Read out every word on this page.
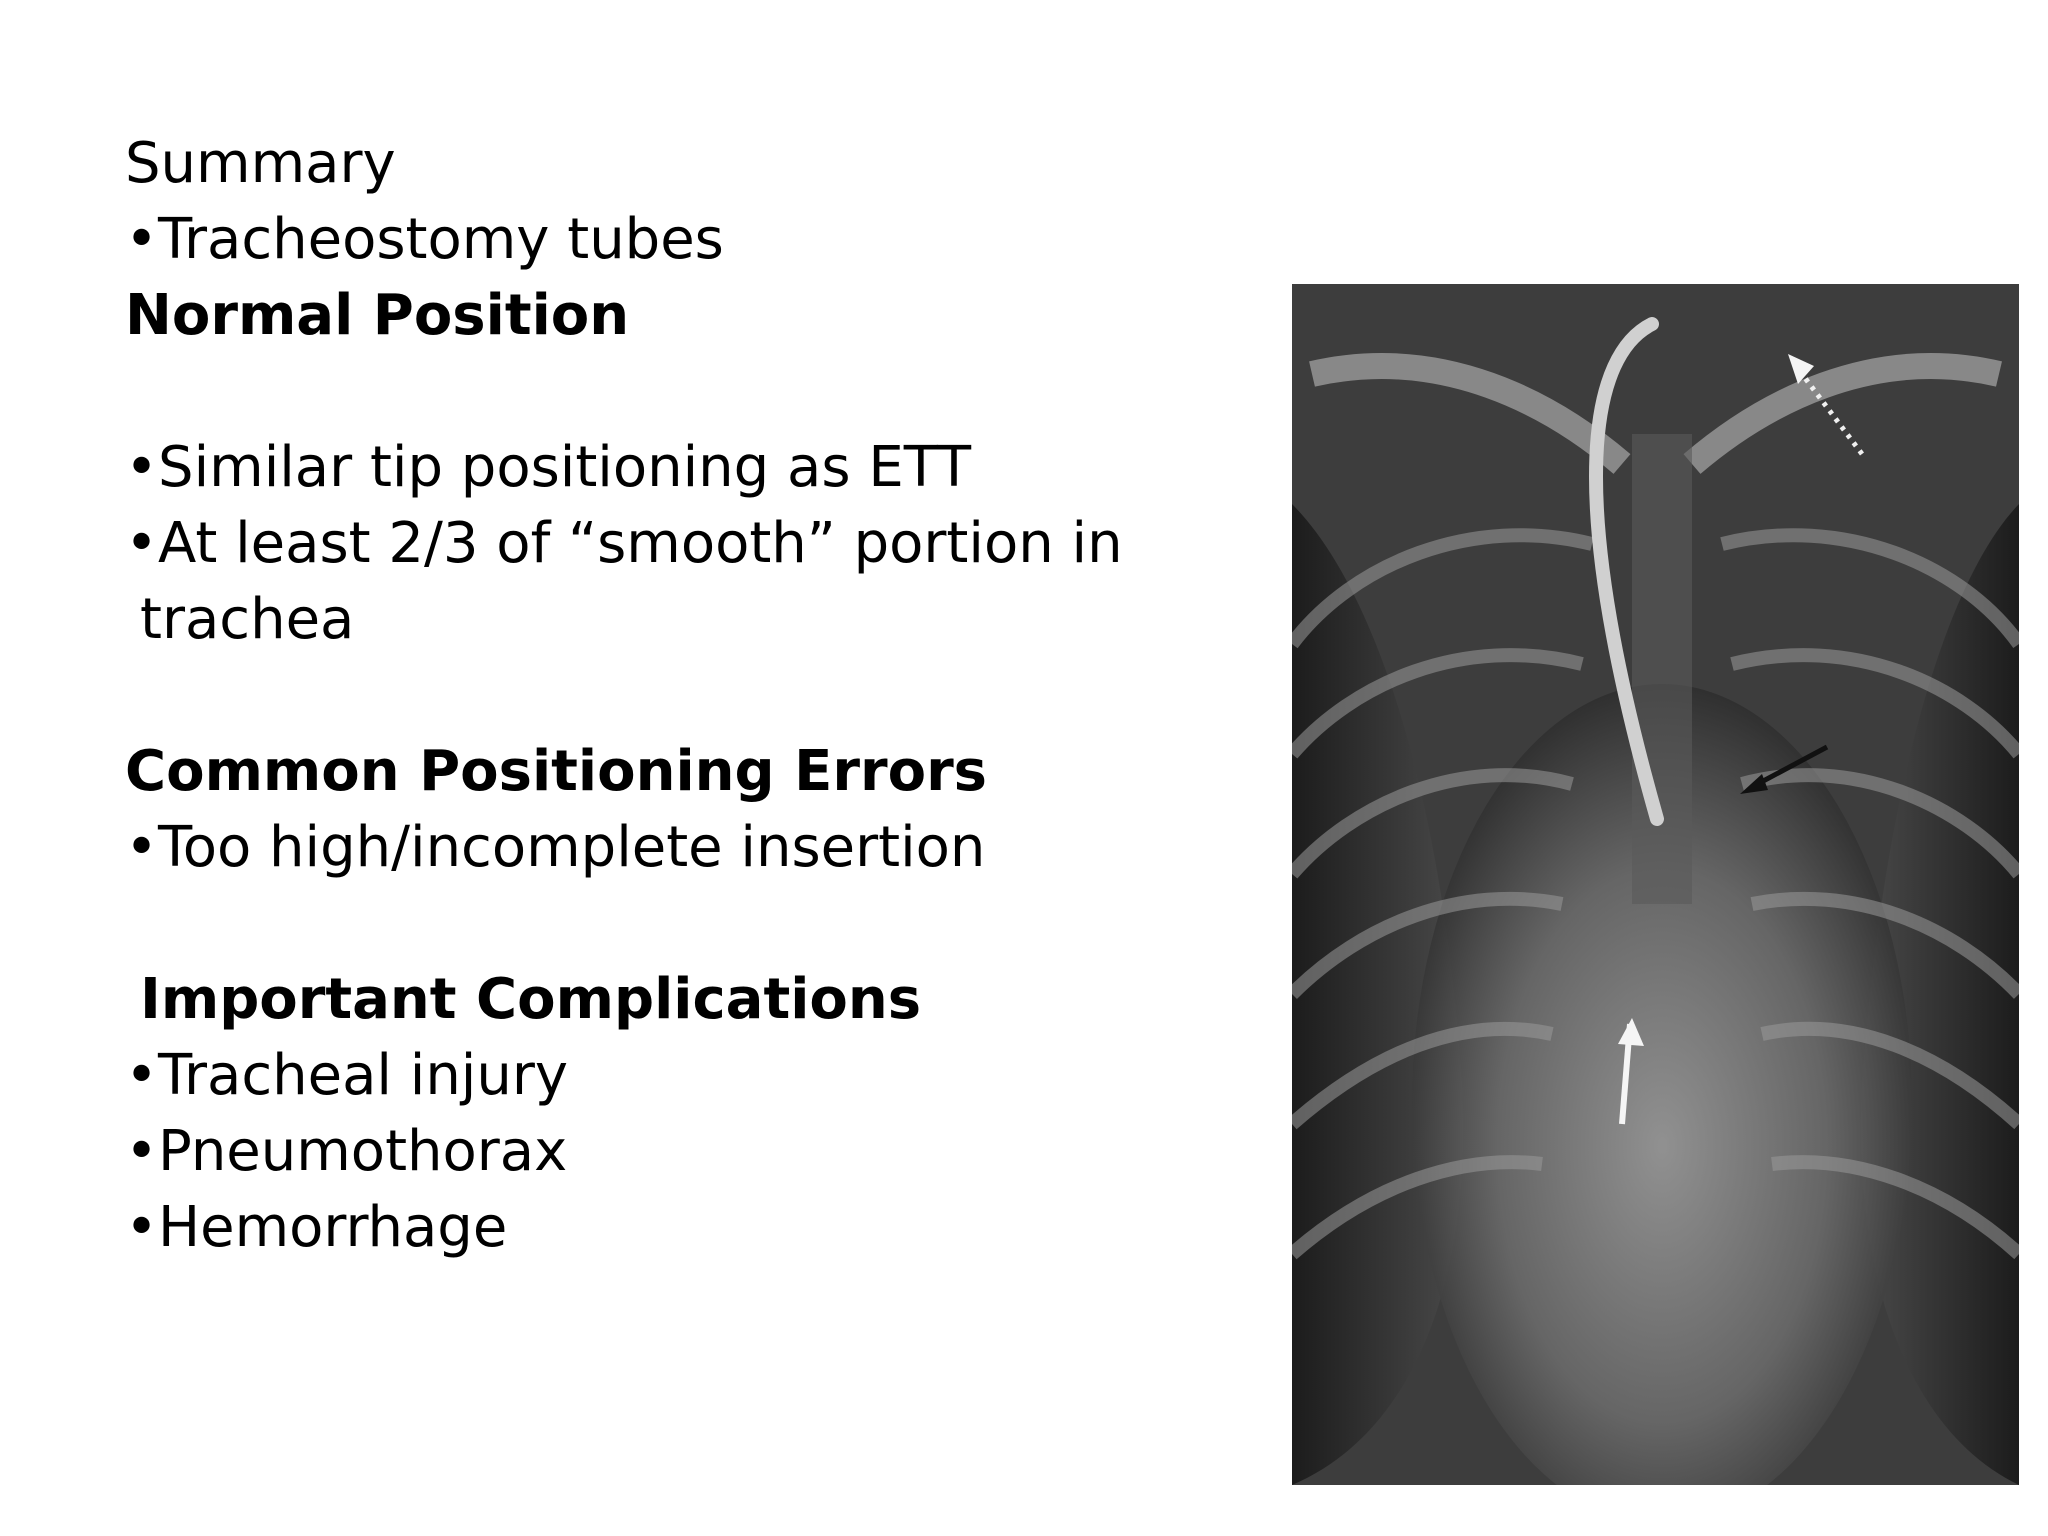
Summary
• Tracheostomy tubes
Normal Position
• Similar tip positioning as ETT
• At least 2/3 of “smooth” portion in
trachea
Common Positioning Errors
• Too high/incomplete insertion
Important Complications
• Tracheal injury
• Pneumothorax
• Hemorrhage
